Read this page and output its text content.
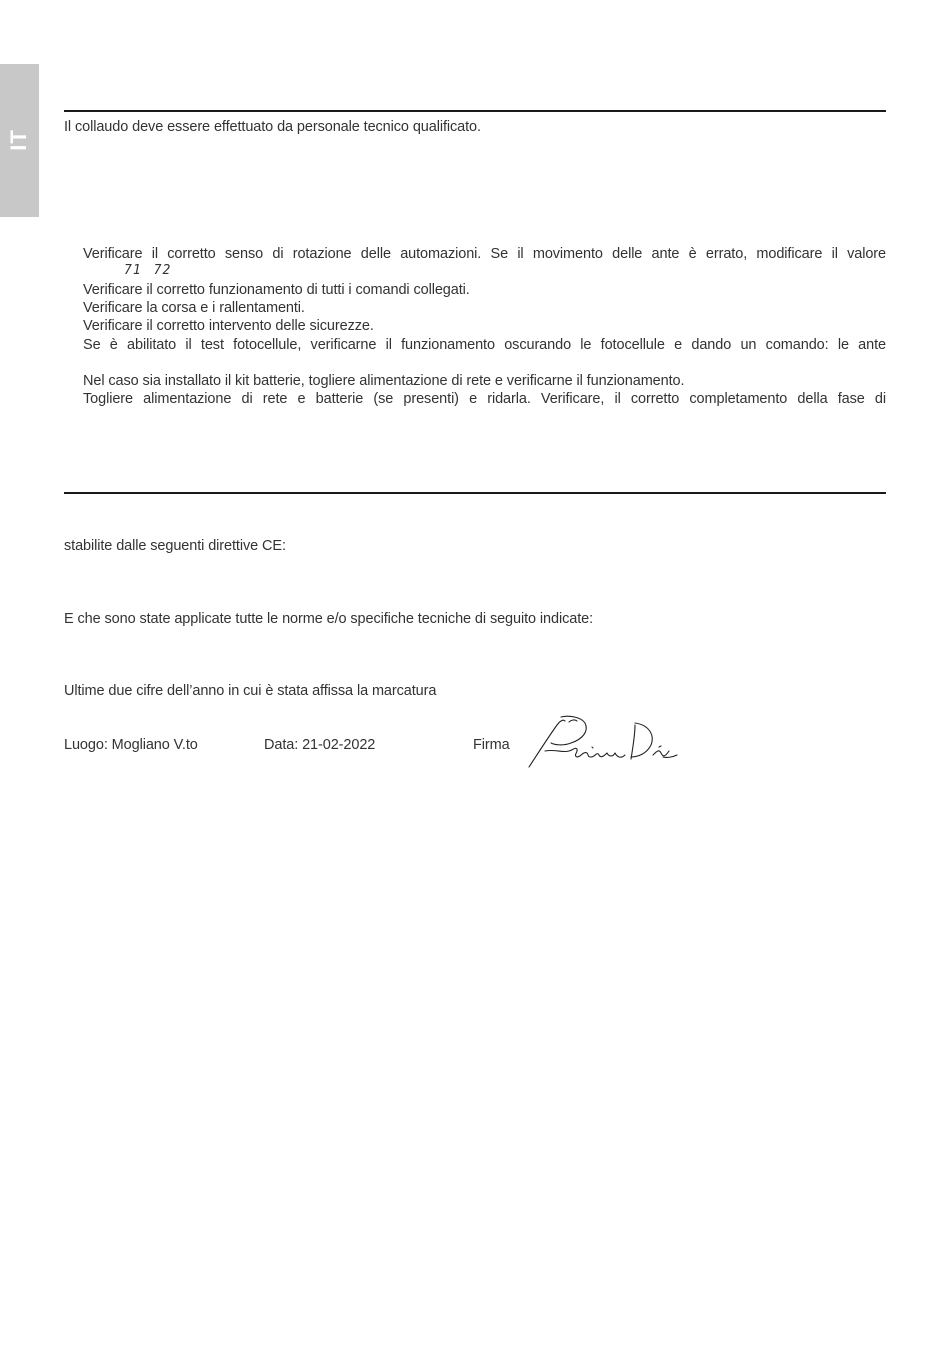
IT
Il collaudo deve essere effettuato da personale tecnico qualificato.
Verificare il corretto senso di rotazione delle automazioni. Se il movimento delle ante è errato, modificare il valore
71 72
Verificare il corretto funzionamento di tutti i comandi collegati.
Verificare la corsa e i rallentamenti.
Verificare il corretto intervento delle sicurezze.
Se è abilitato il test fotocellule, verificarne il funzionamento oscurando le fotocellule e dando un comando: le ante
Nel caso sia installato il kit batterie, togliere alimentazione di rete e verificarne il funzionamento.
Togliere alimentazione di rete e batterie (se presenti) e ridarla. Verificare, il corretto completamento della fase di
stabilite dalle seguenti direttive CE:
E che sono state applicate tutte le norme e/o specifiche tecniche di seguito indicate:
Ultime due cifre dell’anno in cui è stata affissa la marcatura
Luogo: Mogliano V.to	Data: 21-02-2022	Firma
